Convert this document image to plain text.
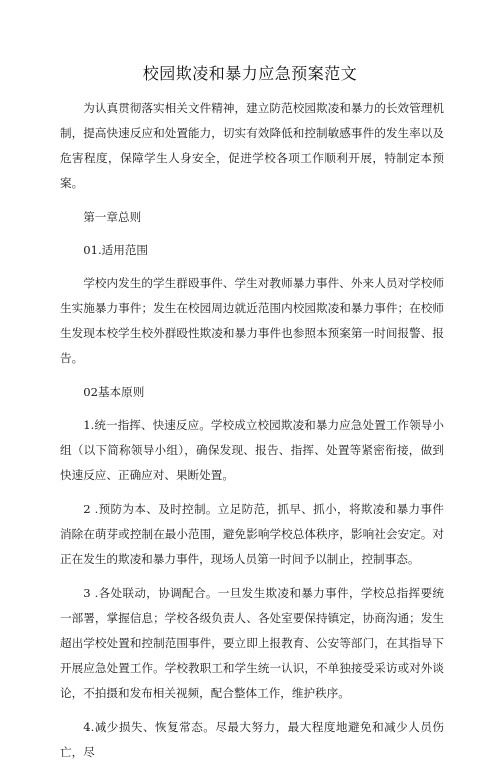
校园欺凌和暴力应急预案范文

为认真贯彻落实相关文件精神，建立防范校园欺凌和暴力的长效管理机制，提高快速反应和处置能力，切实有效降低和控制敏感事件的发生率以及危害程度，保障学生人身安全，促进学校各项工作顺利开展，特制定本预案。

第一章总则

01.适用范围

学校内发生的学生群殴事件、学生对教师暴力事件、外来人员对学校师生实施暴力事件；发生在校园周边就近范围内校园欺凌和暴力事件；在校师生发现本校学生校外群殴性欺凌和暴力事件也参照本预案第一时间报警、报告。

02基本原则

1.统一指挥、快速反应。学校成立校园欺凌和暴力应急处置工作领导小组（以下简称领导小组），确保发现、报告、指挥、处置等紧密衔接，做到快速反应、正确应对、果断处置。

2 .预防为本、及时控制。立足防范，抓早、抓小，将欺凌和暴力事件消除在萌芽或控制在最小范围，避免影响学校总体秩序，影响社会安定。对正在发生的欺凌和暴力事件，现场人员第一时间予以制止，控制事态。

3 .各处联动，协调配合。一旦发生欺凌和暴力事件，学校总指挥要统一部署，掌握信息；学校各级负责人、各处室要保持镇定，协商沟通；发生超出学校处置和控制范围事件，要立即上报教育、公安等部门，在其指导下开展应急处置工作。学校教职工和学生统一认识，不单独接受采访或对外谈论，不拍摄和发布相关视频，配合整体工作，维护秩序。

4.减少损失、恢复常态。尽最大努力，最大程度地避免和减少人员伤亡，尽
